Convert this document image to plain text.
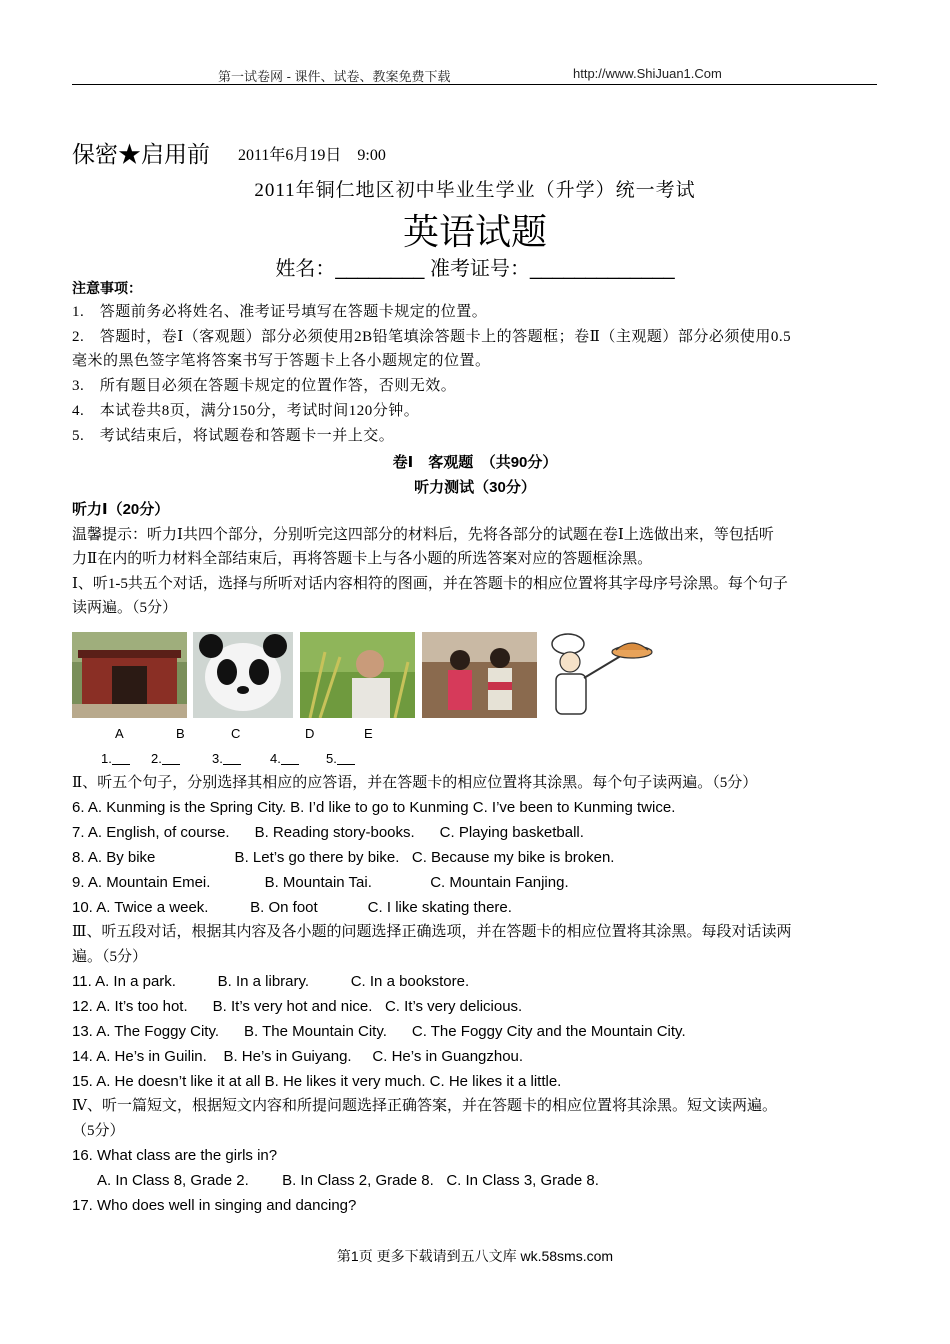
第一试卷网 - 课件、试卷、教案免费下载	http://www.ShiJuan1.Com
保密★启用前 2011年6月19日　9:00
2011年铜仁地区初中毕业生学业（升学）统一考试
英语试题
姓名：________ 准考证号：_____________
注意事项：
1.　答题前务必将姓名、准考证号填写在答题卡规定的位置。
2.　答题时，卷Ⅰ（客观题）部分必须使用2B铅笔填涂答题卡上的答题框；卷Ⅱ（主观题）部分必须使用0.5
毫米的黑色签字笔将答案书写于答题卡上各小题规定的位置。
3.　所有题目必须在答题卡规定的位置作答，否则无效。
4.　本试卷共8页，满分150分，考试时间120分钟。
5.　考试结束后，将试题卷和答题卡一并上交。
卷Ⅰ　客观题　（共90分）
听力测试（30分）
听力Ⅰ（20分）
温馨提示：听力Ⅰ共四个部分，分别听完这四部分的材料后，先将各部分的试题在卷Ⅰ上选做出来，等包括听
力Ⅱ在内的听力材料全部结束后，再将答题卡上与各小题的所选答案对应的答题框涂黑。
Ⅰ、听1-5共五个对话，选择与所听对话内容相符的图画，并在答题卡的相应位置将其字母序号涂黑。每个句子
读两遍。（5分）
A	B	C	D	E
1.	2.	3.	4.	5.
Ⅱ、听五个句子，分别选择其相应的应答语，并在答题卡的相应位置将其涂黑。每个句子读两遍。（5分）
6. A. Kunming is the Spring City. B. I’d like to go to Kunming C. I’ve been to Kunming twice.
7. A. English, of course.      B. Reading story-books.      C. Playing basketball.
8. A. By bike                   B. Let’s go there by bike.   C. Because my bike is broken.
9. A. Mountain Emei.             B. Mountain Tai.              C. Mountain Fanjing.
10. A. Twice a week.          B. On foot            C. I like skating there.
Ⅲ、听五段对话，根据其内容及各小题的问题选择正确选项，并在答题卡的相应位置将其涂黑。每段对话读两
遍。（5分）
11. A. In a park.          B. In a library.          C. In a bookstore.
12. A. It’s too hot.      B. It’s very hot and nice.   C. It’s very delicious.
13. A. The Foggy City.      B. The Mountain City.      C. The Foggy City and the Mountain City.
14. A. He’s in Guilin.    B. He’s in Guiyang.     C. He’s in Guangzhou.
15. A. He doesn’t like it at all B. He likes it very much. C. He likes it a little.
Ⅳ、听一篇短文，根据短文内容和所提问题选择正确答案，并在答题卡的相应位置将其涂黑。短文读两遍。
（5分）
16. What class are the girls in?
A. In Class 8, Grade 2.        B. In Class 2, Grade 8.   C. In Class 3, Grade 8.
17. Who does well in singing and dancing?
第1页 更多下载请到五八文库 wk.58sms.com
